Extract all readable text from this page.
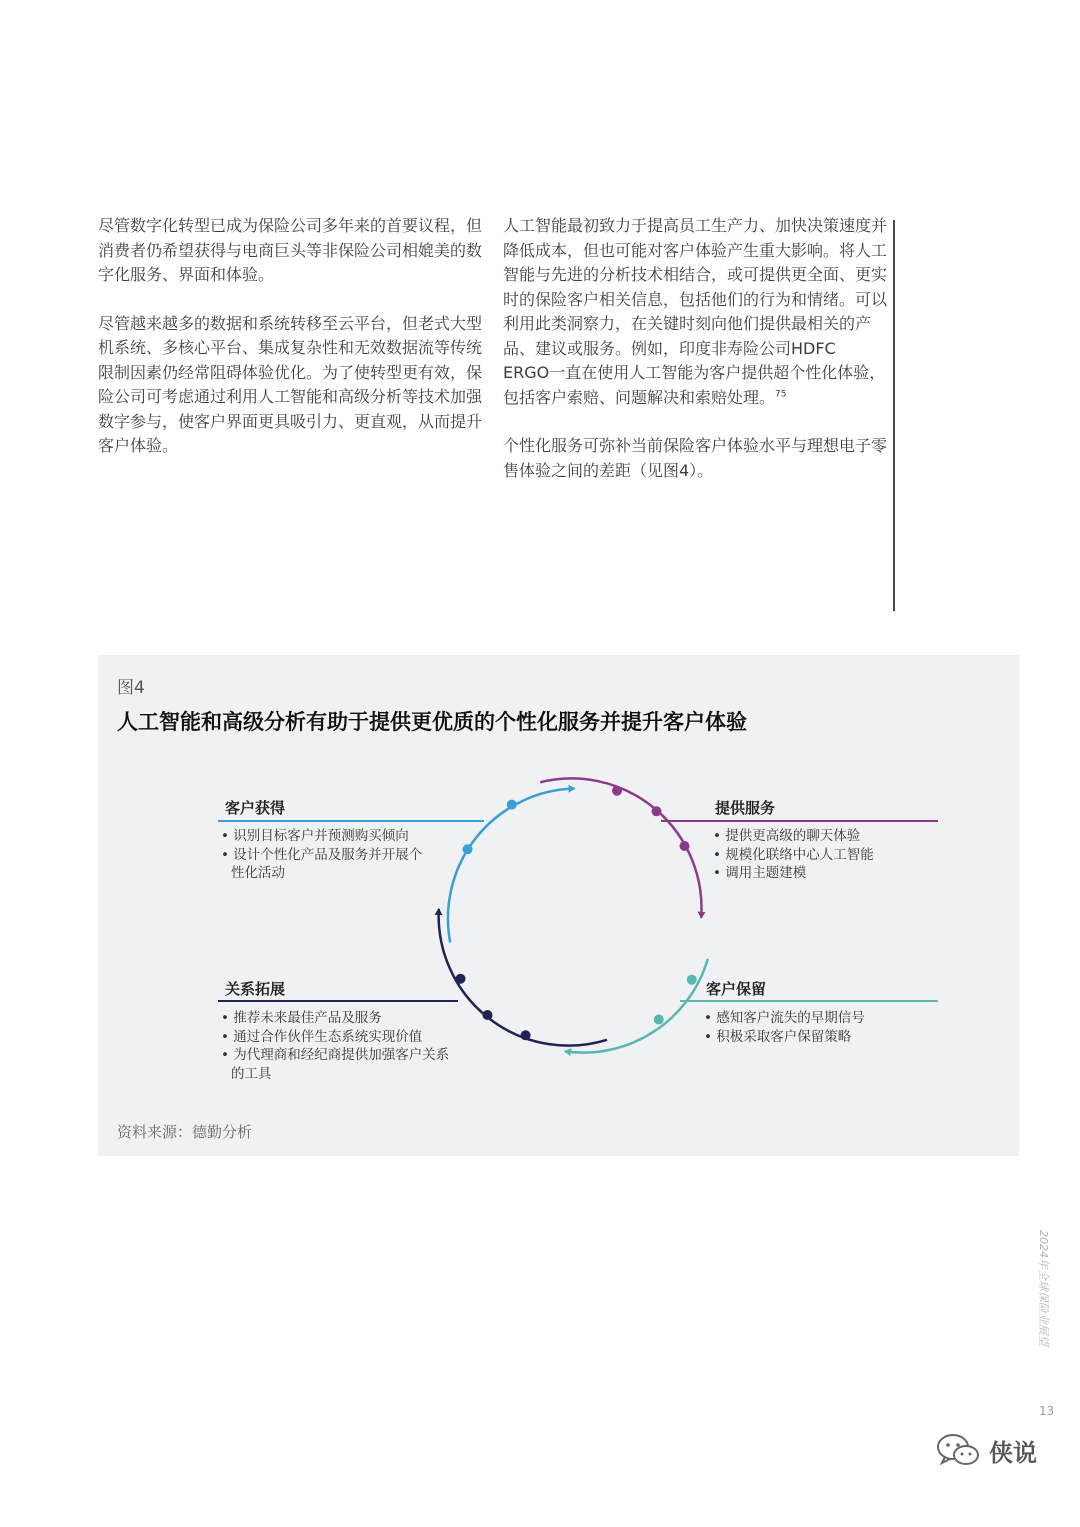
尽管数字化转型已成为保险公司多年来的首要议程，但消费者仍希望获得与电商巨头等非保险公司相媲美的数字化服务、界面和体验。

尽管越来越多的数据和系统转移至云平台，但老式大型机系统、多核心平台、集成复杂性和无效数据流等传统限制因素仍经常阻碍体验优化。为了使转型更有效，保险公司可考虑通过利用人工智能和高级分析等技术加强数字参与，使客户界面更具吸引力、更直观，从而提升客户体验。

人工智能最初致力于提高员工生产力、加快决策速度并降低成本，但也可能对客户体验产生重大影响。将人工智能与先进的分析技术相结合，或可提供更全面、更实时的保险客户相关信息，包括他们的行为和情绪。可以利用此类洞察力，在关键时刻向他们提供最相关的产品、建议或服务。例如，印度非寿险公司HDFC ERGO一直在使用人工智能为客户提供超个性化体验，包括客户索赔、问题解决和索赔处理。$^{75}$

个性化服务可弥补当前保险客户体验水平与理想电子零售体验之间的差距（见图4）。

图4
人工智能和高级分析有助于提供更优质的个性化服务并提升客户体验
客户获得
• 识别目标客户并预测购买倾向
• 设计个性化产品及服务并开展个性化活动
提供服务
• 提供更高级的聊天体验
• 规模化联络中心人工智能
• 调用主题建模
客户保留
• 感知客户流失的早期信号
• 积极采取客户保留策略
关系拓展
• 推荐未来最佳产品及服务
• 通过合作伙伴生态系统实现价值
• 为代理商和经纪商提供加强客户关系的工具
资料来源：德勤分析
2024年全球保险业展望
13
侠说
